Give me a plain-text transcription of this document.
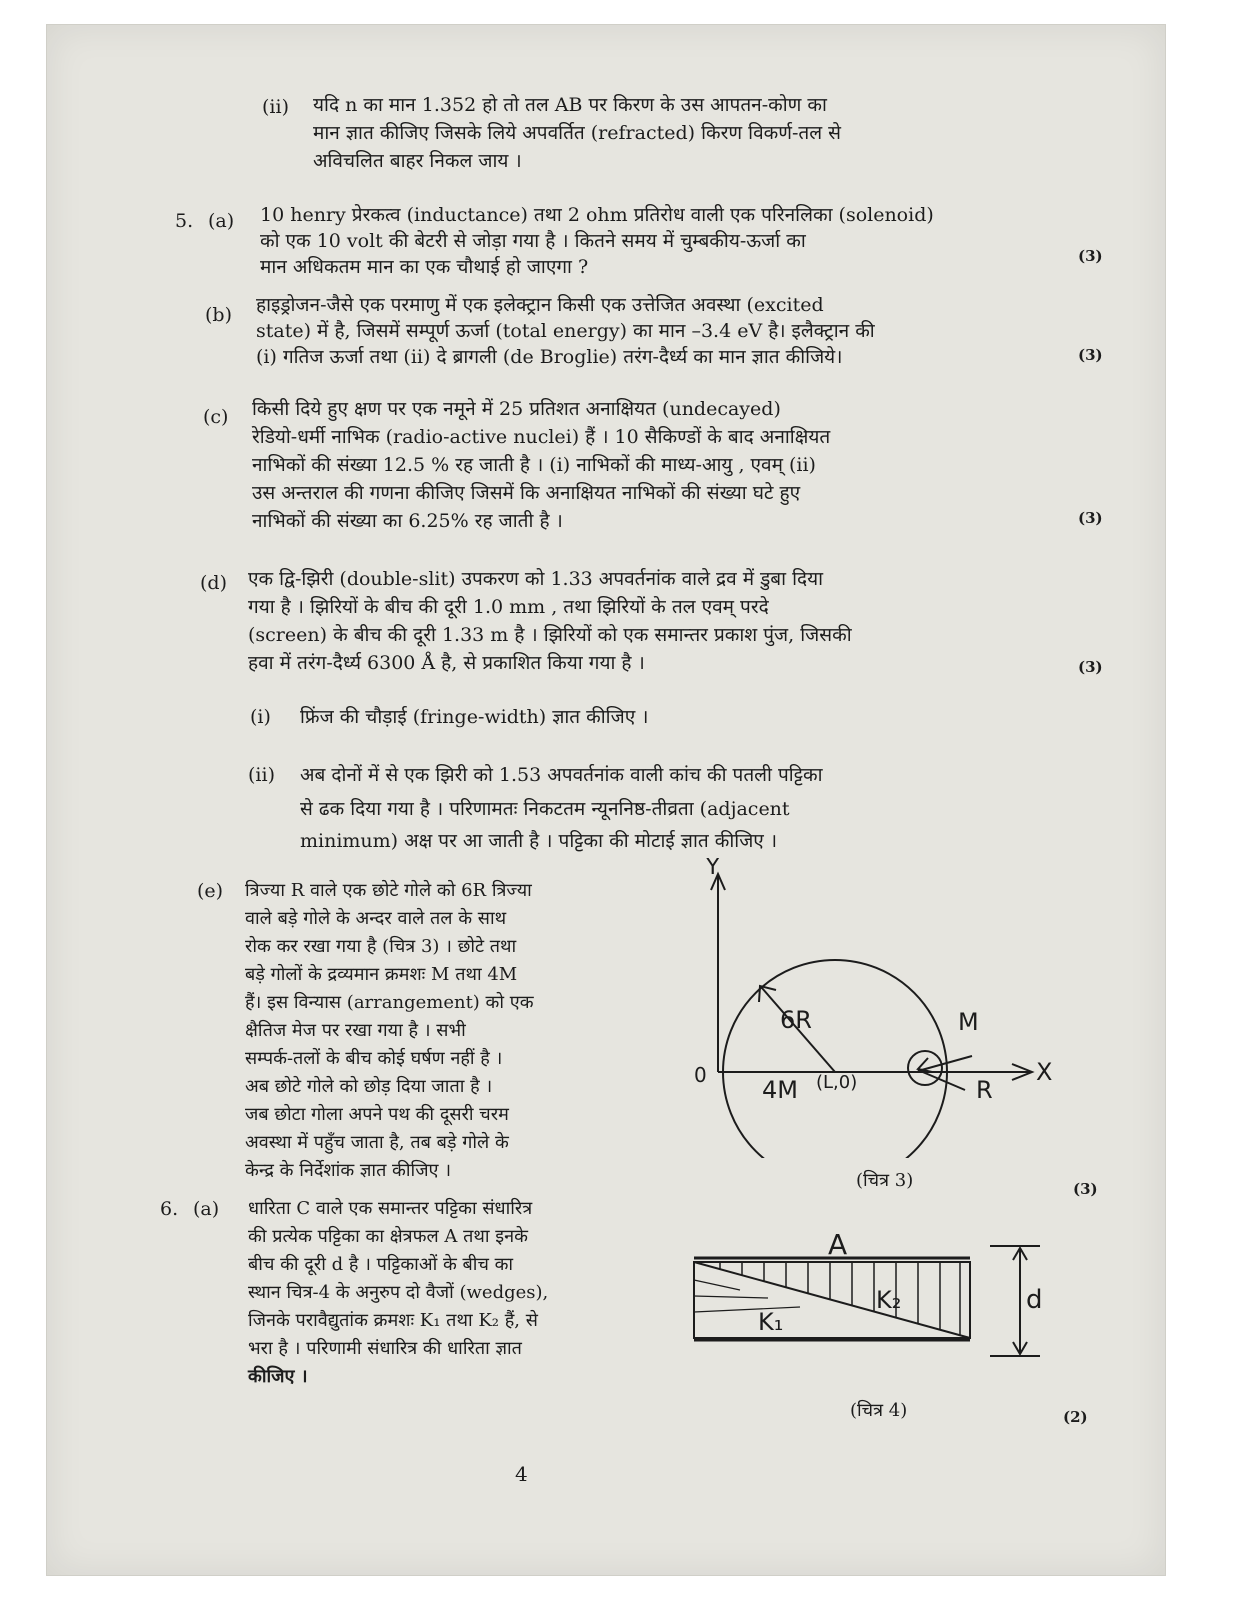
(ii) यदि n का मान 1.352 हो तो तल AB पर किरण के उस आपतन-कोण का
मान ज्ञात कीजिए जिसके लिये अपवर्तित (refracted) किरण विकर्ण-तल से
अविचलित बाहर निकल जाय ।
5. (a) 10 henry प्रेरकत्व (inductance) तथा 2 ohm प्रतिरोध वाली एक परिनलिका (solenoid)
को एक 10 volt की बेटरी से जोड़ा गया है । कितने समय में चुम्बकीय-ऊर्जा का
मान अधिकतम मान का एक चौथाई हो जाएगा ?	(3)
(b) हाइड्रोजन-जैसे एक परमाणु में एक इलेक्ट्रान किसी एक उत्तेजित अवस्था (excited
state) में है, जिसमें सम्पूर्ण ऊर्जा (total energy) का मान –3.4 eV है। इलैक्ट्रान की
(i) गतिज ऊर्जा तथा (ii) दे ब्रागली (de Broglie) तरंग-दैर्ध्य का मान ज्ञात कीजिये।	(3)
(c) किसी दिये हुए क्षण पर एक नमूने में 25 प्रतिशत अनाक्षियत (undecayed)
रेडियो-धर्मी नाभिक (radio-active nuclei) हैं । 10 सैकिण्डों के बाद अनाक्षियत
नाभिकों की संख्या 12.5 % रह जाती है । (i) नाभिकों की माध्य-आयु , एवम् (ii)
उस अन्तराल की गणना कीजिए जिसमें कि अनाक्षियत नाभिकों की संख्या घटे हुए
नाभिकों की संख्या का 6.25% रह जाती है ।	(3)
(d) एक द्वि-झिरी (double-slit) उपकरण को 1.33 अपवर्तनांक वाले द्रव में डुबा दिया
गया है । झिरियों के बीच की दूरी 1.0 mm , तथा झिरियों के तल एवम् परदे
(screen) के बीच की दूरी 1.33 m है । झिरियों को एक समान्तर प्रकाश पुंज, जिसकी
हवा में तरंग-दैर्ध्य 6300 Å है, से प्रकाशित किया गया है ।	(3)
(i) फ्रिंज की चौड़ाई (fringe-width) ज्ञात कीजिए ।
(ii) अब दोनों में से एक झिरी को 1.53 अपवर्तनांक वाली कांच की पतली पट्टिका
से ढक दिया गया है । परिणामतः निकटतम न्यूननिष्ठ-तीव्रता (adjacent
minimum) अक्ष पर आ जाती है । पट्टिका की मोटाई ज्ञात कीजिए ।
(e) त्रिज्या R वाले एक छोटे गोले को 6R त्रिज्या
वाले बड़े गोले के अन्दर वाले तल के साथ
रोक कर रखा गया है (चित्र 3) । छोटे तथा
बड़े गोलों के द्रव्यमान क्रमशः M तथा 4M
हैं। इस विन्यास (arrangement) को एक
क्षैतिज मेज पर रखा गया है । सभी
सम्पर्क-तलों के बीच कोई घर्षण नहीं है ।
अब छोटे गोले को छोड़ दिया जाता है ।
जब छोटा गोला अपने पथ की दूसरी चरम
अवस्था में पहुँच जाता है, तब बड़े गोले के
केन्द्र के निर्देशांक ज्ञात कीजिए ।
(3)
Y
X
0
6R
4M (L,0)
M
R
(चित्र 3)
6. (a) धारिता C वाले एक समान्तर पट्टिका संधारित्र
की प्रत्येक पट्टिका का क्षेत्रफल A तथा इनके
बीच की दूरी d है । पट्टिकाओं के बीच का
स्थान चित्र-4 के अनुरुप दो वैजों (wedges),
जिनके परावैद्युतांक क्रमशः K₁ तथा K₂ हैं, से
भरा है । परिणामी संधारित्र की धारिता ज्ञात
कीजिए ।
(2)
A
K₁
K₂	d
(चित्र 4)
4
